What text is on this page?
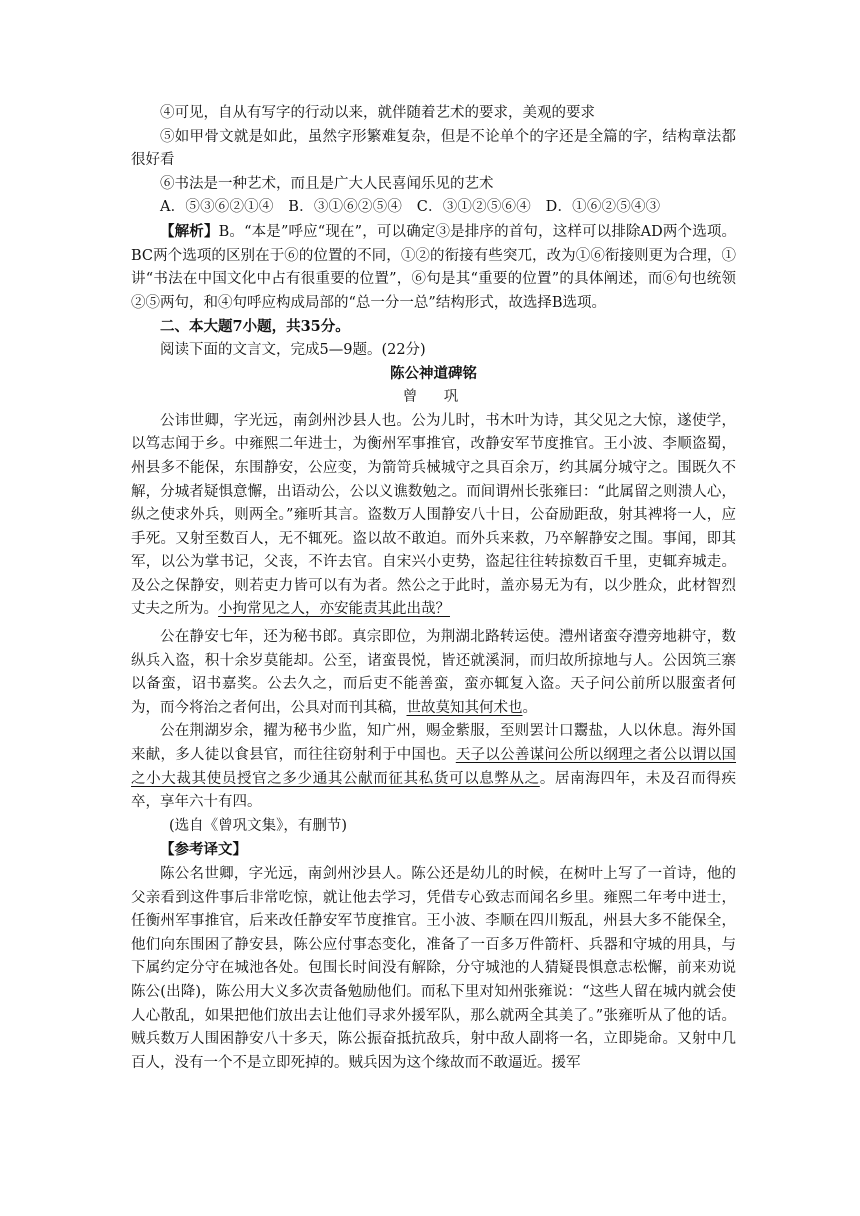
④可见，自从有写字的行动以来，就伴随着艺术的要求，美观的要求

⑤如甲骨文就是如此，虽然字形繁难复杂，但是不论单个的字还是全篇的字，结构章法都很好看

⑥书法是一种艺术，而且是广大人民喜闻乐见的艺术

A．⑤③⑥②①④　B．③①⑥②⑤④　C．③①②⑤⑥④　D．①⑥②⑤④③

【解析】B。“本是”呼应“现在”，可以确定③是排序的首句，这样可以排除AD两个选项。BC两个选项的区别在于⑥的位置的不同，①②的衔接有些突兀，改为①⑥衔接则更为合理，①讲“书法在中国文化中占有很重要的位置”，⑥句是其“重要的位置”的具体阐述，而⑥句也统领②⑤两句，和④句呼应构成局部的“总一分一总”结构形式，故选择B选项。

二、本大题7小题，共35分。

阅读下面的文言文，完成5—9题。(22分)

陈公神道碑铭

曾　巩

公讳世卿，字光远，南剑州沙县人也。公为儿时，书木叶为诗，其父见之大惊，遂使学，以笃志闻于乡。中雍熙二年进士，为衡州军事推官，改静安军节度推官。王小波、李顺盗蜀，州县多不能保，东围静安，公应变，为箭笴兵械城守之具百余万，约其属分城守之。围既久不解，分城者疑惧意懈，出语动公，公以义谯数勉之。而间谓州长张雍曰：“此属留之则溃人心，纵之使求外兵，则两全。”雍听其言。盗数万人围静安八十日，公奋励距敌，射其裨将一人，应手死。又射至数百人，无不辄死。盗以故不敢迫。而外兵来救，乃卒解静安之围。事闻，即其军，以公为掌书记，父丧，不许去官。自宋兴小吏势，盗起往往转掠数百千里，吏辄弃城走。及公之保静安，则若吏力皆可以有为者。然公之于此时，盖亦易无为有，以少胜众，此材智烈丈夫之所为。小拘常见之人，亦安能责其此出哉？

公在静安七年，还为秘书郎。真宗即位，为荆湖北路转运使。澧州诸蛮夺澧旁地耕守，数纵兵入盗，积十余岁莫能却。公至，诸蛮畏悦，皆还就溪洞，而归故所掠地与人。公因筑三寨以备蛮，诏书嘉奖。公去久之，而后吏不能善蛮，蛮亦辄复入盗。天子问公前所以服蛮者何为，而今将治之者何出，公具对而刊其稿，世故莫知其何术也。

公在荆湖岁余，擢为秘书少监，知广州，赐金紫服，至则罢计口鬻盐，人以休息。海外国来献，多人徒以食县官，而往往窃射利于中国也。天子以公善谋问公所以纲理之者公以谓以国之小大裁其使员授官之多少通其公献而征其私货可以息弊从之。居南海四年，未及召而得疾卒，享年六十有四。

(选自《曾巩文集》，有删节)

【参考译文】

陈公名世卿，字光远，南剑州沙县人。陈公还是幼儿的时候，在树叶上写了一首诗，他的父亲看到这件事后非常吃惊，就让他去学习，凭借专心致志而闻名乡里。雍熙二年考中进士，任衡州军事推官，后来改任静安军节度推官。王小波、李顺在四川叛乱，州县大多不能保全，他们向东围困了静安县，陈公应付事态变化，准备了一百多万件箭杆、兵器和守城的用具，与下属约定分守在城池各处。包围长时间没有解除，分守城池的人猜疑畏惧意志松懈，前来劝说陈公(出降)，陈公用大义多次责备勉励他们。而私下里对知州张雍说：“这些人留在城内就会使人心散乱，如果把他们放出去让他们寻求外援军队，那么就两全其美了。”张雍听从了他的话。贼兵数万人围困静安八十多天，陈公振奋抵抗敌兵，射中敌人副将一名，立即毙命。又射中几百人，没有一个不是立即死掉的。贼兵因为这个缘故而不敢逼近。援军
